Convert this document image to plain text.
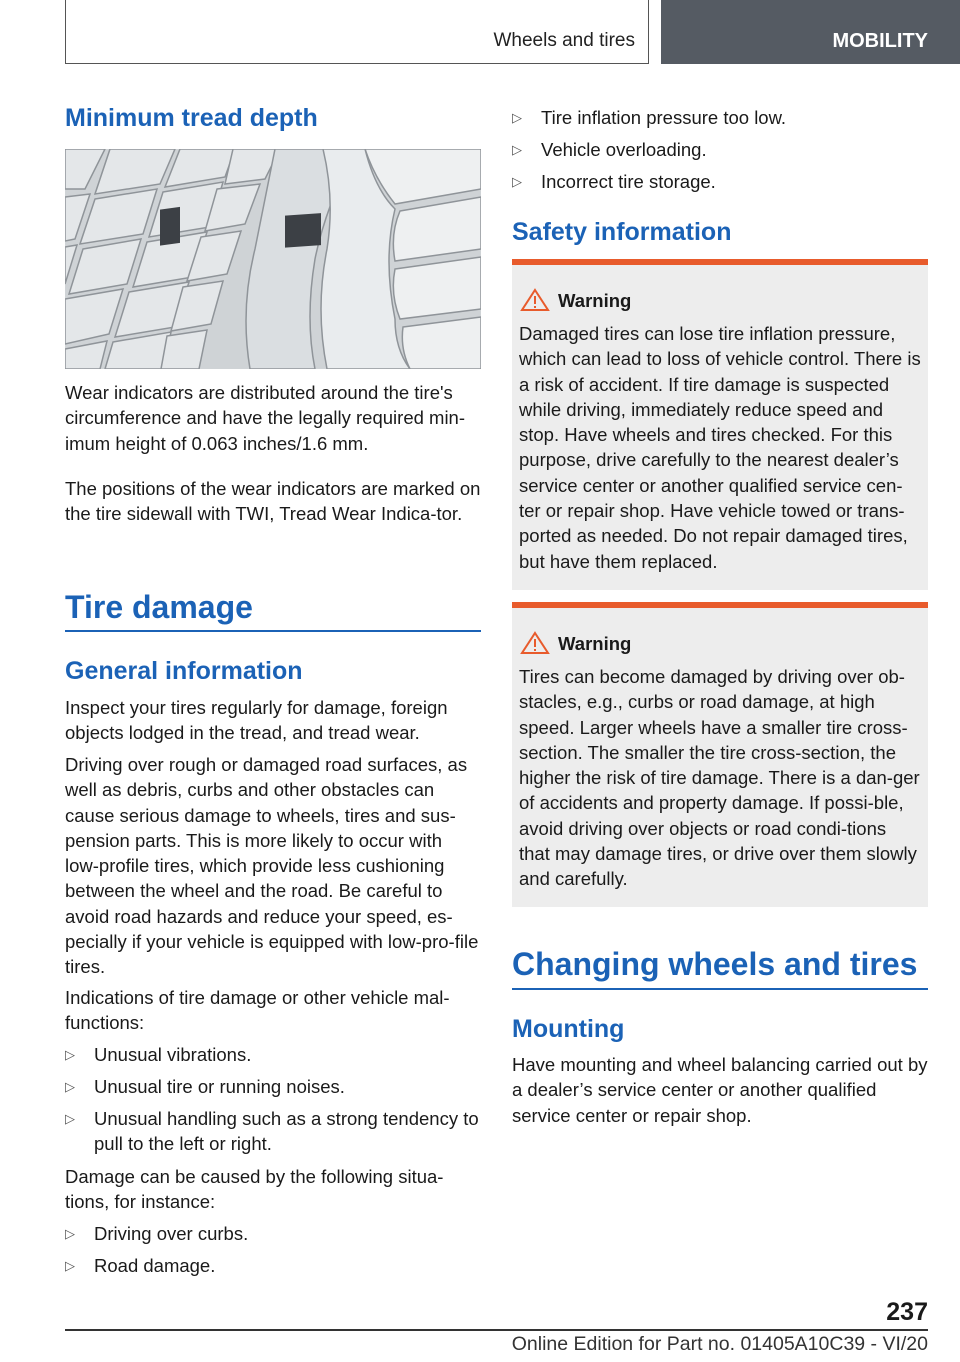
Wheels and tires	MOBILITY
Minimum tread depth

Wear indicators are distributed around the tire's circumference and have the legally required min‐imum height of 0.063 inches/1.6 mm.

The positions of the wear indicators are marked on the tire sidewall with TWI, Tread Wear Indica‐tor.

Tire damage
General information

Inspect your tires regularly for damage, foreign objects lodged in the tread, and tread wear.

Driving over rough or damaged road surfaces, as well as debris, curbs and other obstacles can cause serious damage to wheels, tires and sus‐pension parts. This is more likely to occur with low-profile tires, which provide less cushioning between the wheel and the road. Be careful to avoid road hazards and reduce your speed, es‐pecially if your vehicle is equipped with low-pro‐file tires.

Indications of tire damage or other vehicle mal‐functions:

▷ Unusual vibrations.
▷ Unusual tire or running noises.
▷ Unusual handling such as a strong tendency to pull to the left or right.

Damage can be caused by the following situa‐tions, for instance:

▷ Driving over curbs.
▷ Road damage.
▷ Tire inflation pressure too low.
▷ Vehicle overloading.
▷ Incorrect tire storage.
Safety information
Warning

Damaged tires can lose tire inflation pressure, which can lead to loss of vehicle control. There is a risk of accident. If tire damage is suspected while driving, immediately reduce speed and stop. Have wheels and tires checked. For this purpose, drive carefully to the nearest dealer’s service center or another qualified service cen‐ter or repair shop. Have vehicle towed or trans‐ported as needed. Do not repair damaged tires, but have them replaced.

Warning

Tires can become damaged by driving over ob‐stacles, e.g., curbs or road damage, at high speed. Larger wheels have a smaller tire cross-section. The smaller the tire cross-section, the higher the risk of tire damage. There is a dan‐ger of accidents and property damage. If possi‐ble, avoid driving over objects or road condi‐tions that may damage tires, or drive over them slowly and carefully.

Changing wheels and tires
Mounting

Have mounting and wheel balancing carried out by a dealer’s service center or another qualified service center or repair shop.

237
Online Edition for Part no. 01405A10C39 - VI/20
